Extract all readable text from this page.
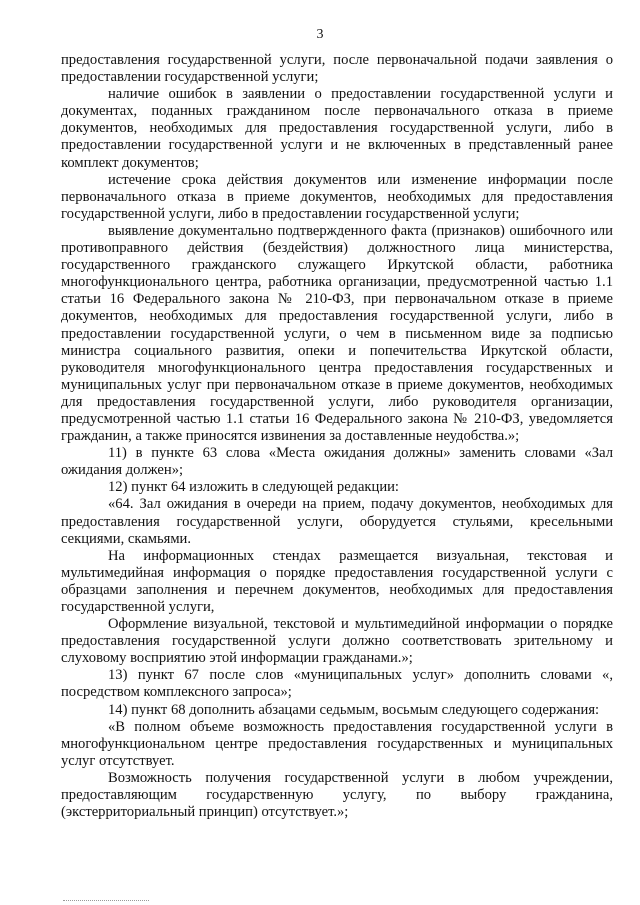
3

предоставления государственной услуги, после первоначальной подачи заявления о предоставлении государственной услуги;

наличие ошибок в заявлении о предоставлении государственной услуги и документах, поданных гражданином после первоначального отказа в приеме документов, необходимых для предоставления государственной услуги, либо в предоставлении государственной услуги и не включенных в представленный ранее комплект документов;

истечение срока действия документов или изменение информации после первоначального отказа в приеме документов, необходимых для предоставления государственной услуги, либо в предоставлении государственной услуги;

выявление документально подтвержденного факта (признаков) ошибочного или противоправного действия (бездействия) должностного лица министерства, государственного гражданского служащего Иркутской области, работника многофункционального центра, работника организации, предусмотренной частью 1.1 статьи 16 Федерального закона № 210-ФЗ, при первоначальном отказе в приеме документов, необходимых для предоставления государственной услуги, либо в предоставлении государственной услуги, о чем в письменном виде за подписью министра социального развития, опеки и попечительства Иркутской области, руководителя многофункционального центра предоставления государственных и муниципальных услуг при первоначальном отказе в приеме документов, необходимых для предоставления государственной услуги, либо руководителя организации, предусмотренной частью 1.1 статьи 16 Федерального закона № 210-ФЗ, уведомляется гражданин, а также приносятся извинения за доставленные неудобства.»;

11) в пункте 63 слова «Места ожидания должны» заменить словами «Зал ожидания должен»;

12) пункт 64 изложить в следующей редакции:

«64. Зал ожидания в очереди на прием, подачу документов, необходимых для предоставления государственной услуги, оборудуется стульями, кресельными секциями, скамьями.

На информационных стендах размещается визуальная, текстовая и мультимедийная информация о порядке предоставления государственной услуги с образцами заполнения и перечнем документов, необходимых для предоставления государственной услуги,

Оформление визуальной, текстовой и мультимедийной информации о порядке предоставления государственной услуги должно соответствовать зрительному и слуховому восприятию этой информации гражданами.»;

13) пункт 67 после слов «муниципальных услуг» дополнить словами «, посредством комплексного запроса»;

14) пункт 68 дополнить абзацами седьмым, восьмым следующего содержания:

«В полном объеме возможность предоставления государственной услуги в многофункциональном центре предоставления государственных и муниципальных услуг отсутствует.

Возможность получения государственной услуги в любом учреждении, предоставляющим государственную услугу, по выбору гражданина, (экстерриториальный принцип) отсутствует.»;
